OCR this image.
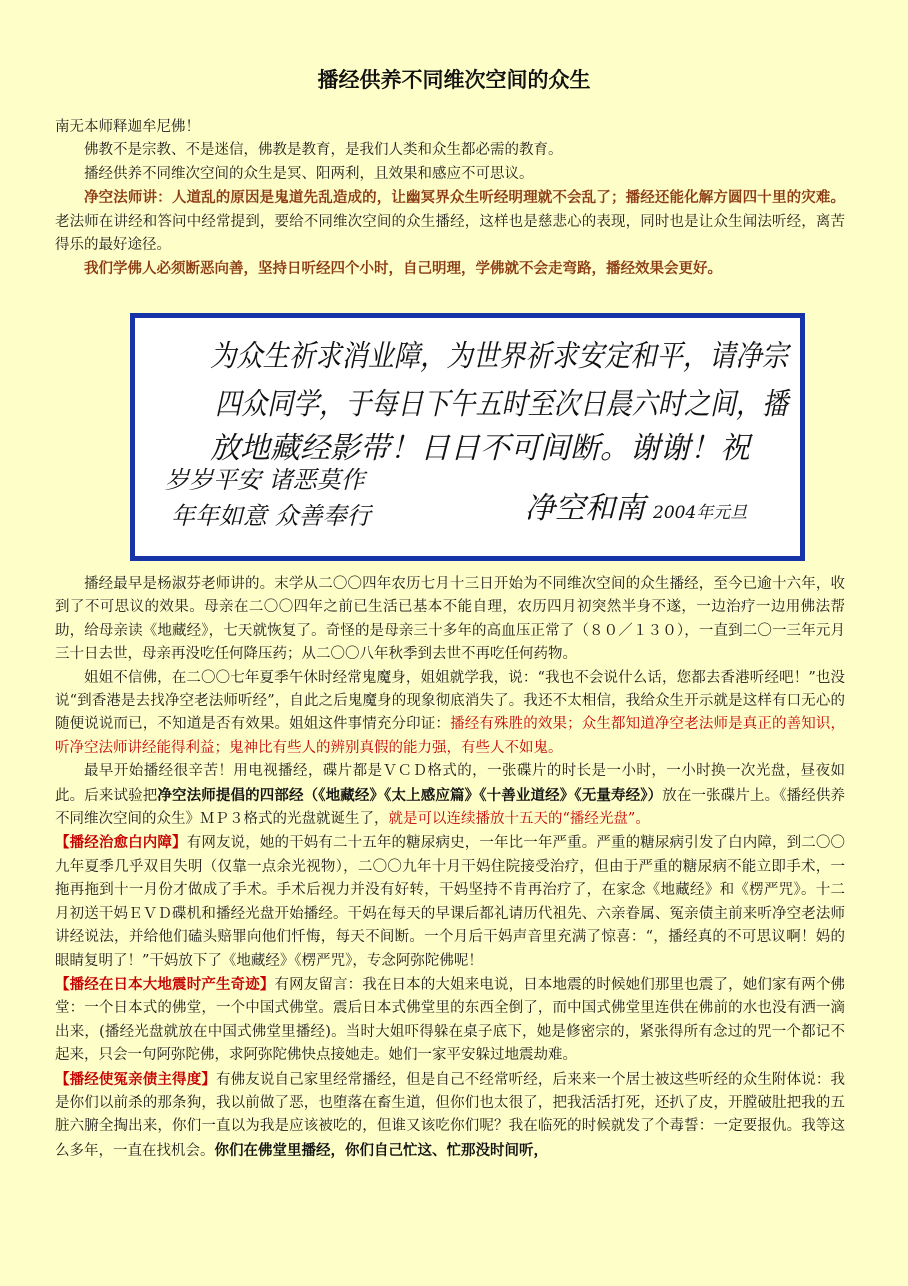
播经供养不同维次空间的众生

南无本师释迦牟尼佛！

佛教不是宗教、不是迷信，佛教是教育，是我们人类和众生都必需的教育。

播经供养不同维次空间的众生是冥、阳两利，且效果和感应不可思议。

净空法师讲：人道乱的原因是鬼道先乱造成的，让幽冥界众生听经明理就不会乱了；播经还能化解方圆四十里的灾难。老法师在讲经和答问中经常提到，要给不同维次空间的众生播经，这样也是慈悲心的表现，同时也是让众生闻法听经，离苦得乐的最好途径。

我们学佛人必须断恶向善，坚持日听经四个小时，自己明理，学佛就不会走弯路，播经效果会更好。

为众生祈求消业障，为世界祈求安定和平，请净宗
四众同学，于每日下午五时至次日晨六时之间，播
放地藏经影带！日日不可间断。谢谢！祝
岁岁平安 诸恶莫作
年年如意 众善奉行	净空和南 2004年元旦

播经最早是杨淑芬老师讲的。末学从二〇〇四年农历七月十三日开始为不同维次空间的众生播经，至今已逾十六年，收到了不可思议的效果。母亲在二〇〇四年之前已生活已基本不能自理，农历四月初突然半身不遂，一边治疗一边用佛法帮助，给母亲读《地藏经》，七天就恢复了。奇怪的是母亲三十多年的高血压正常了（８０／１３０），一直到二〇一三年元月三十日去世，母亲再没吃任何降压药；从二〇〇八年秋季到去世不再吃任何药物。

姐姐不信佛，在二〇〇七年夏季午休时经常鬼魔身，姐姐就学我，说：“我也不会说什么话，您都去香港听经吧！”也没说“到香港是去找净空老法师听经”，自此之后鬼魔身的现象彻底消失了。我还不太相信，我给众生开示就是这样有口无心的随便说说而已，不知道是否有效果。姐姐这件事情充分印证：播经有殊胜的效果；众生都知道净空老法师是真正的善知识，听净空法师讲经能得利益；鬼神比有些人的辨别真假的能力强，有些人不如鬼。

最早开始播经很辛苦！用电视播经，碟片都是ＶＣＤ格式的，一张碟片的时长是一小时，一小时换一次光盘，昼夜如此。后来试验把净空法师提倡的四部经（《地藏经》《太上感应篇》《十善业道经》《无量寿经》）放在一张碟片上。《播经供养不同维次空间的众生》ＭＰ３格式的光盘就诞生了，就是可以连续播放十五天的“播经光盘”。

【播经治愈白内障】有网友说，她的干妈有二十五年的糖尿病史，一年比一年严重。严重的糖尿病引发了白内障，到二〇〇九年夏季几乎双目失明（仅靠一点余光视物），二〇〇九年十月干妈住院接受治疗，但由于严重的糖尿病不能立即手术，一拖再拖到十一月份才做成了手术。手术后视力并没有好转，干妈坚持不肯再治疗了，在家念《地藏经》和《楞严咒》。十二月初送干妈ＥＶＤ碟机和播经光盘开始播经。干妈在每天的早课后都礼请历代祖先、六亲眷属、冤亲债主前来听净空老法师讲经说法，并给他们磕头赔罪向他们忏悔，每天不间断。一个月后干妈声音里充满了惊喜：“，播经真的不可思议啊！妈的眼睛复明了！”干妈放下了《地藏经》《楞严咒》，专念阿弥陀佛呢！

【播经在日本大地震时产生奇迹】有网友留言：我在日本的大姐来电说，日本地震的时候她们那里也震了，她们家有两个佛堂：一个日本式的佛堂，一个中国式佛堂。震后日本式佛堂里的东西全倒了，而中国式佛堂里连供在佛前的水也没有洒一滴出来，(播经光盘就放在中国式佛堂里播经)。当时大姐吓得躲在桌子底下，她是修密宗的，紧张得所有念过的咒一个都记不起来，只会一句阿弥陀佛，求阿弥陀佛快点接她走。她们一家平安躲过地震劫难。

【播经使冤亲债主得度】有佛友说自己家里经常播经，但是自己不经常听经，后来来一个居士被这些听经的众生附体说：我是你们以前杀的那条狗，我以前做了恶，也堕落在畜生道，但你们也太很了，把我活活打死，还扒了皮，开膛破肚把我的五脏六腑全掏出来，你们一直以为我是应该被吃的，但谁又该吃你们呢？我在临死的时候就发了个毒誓：一定要报仇。我等这么多年，一直在找机会。你们在佛堂里播经，你们自己忙这、忙那没时间听，
